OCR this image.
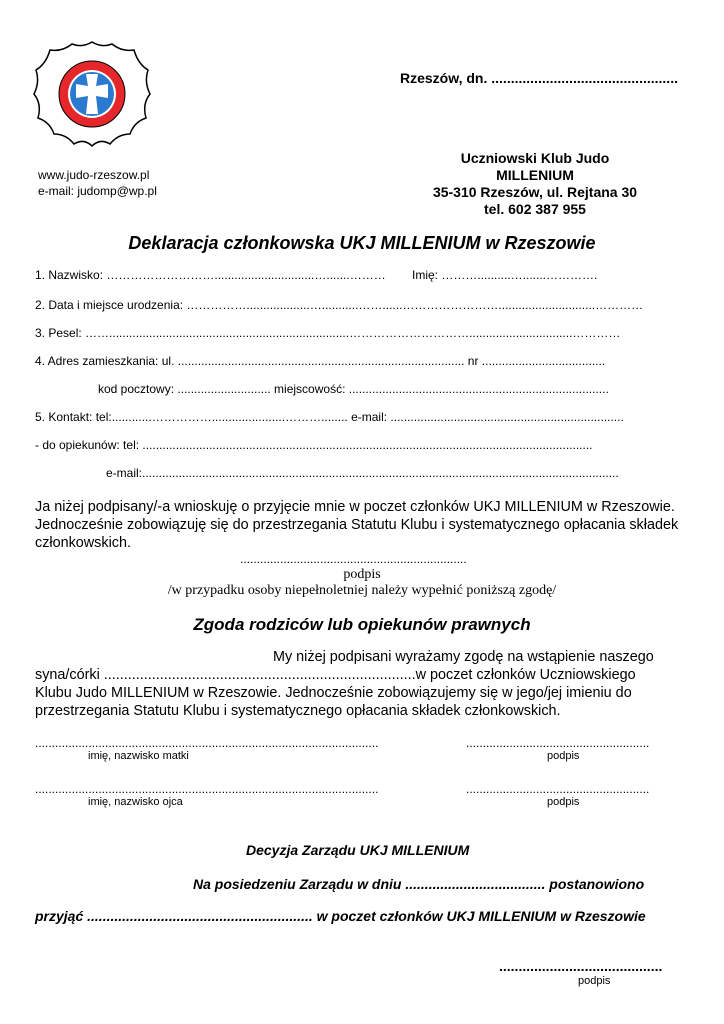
www.judo-rzeszow.pl
e-mail: judomp@wp.pl
Rzeszów, dn. ................................................
Uczniowski Klub Judo
MILLENIUM
35-310 Rzeszów, ul. Rejtana 30
tel. 602 387 955
Deklaracja członkowska UKJ MILLENIUM w Rzeszowie
1. Nazwisko: ………………………..............................….......……… Imię: ………..........….......………….
2. Data i miejsce urodzenia: ……………...................…...........……......…………………….............................…………
3. Pesel: ……........................................................................…………………………...............................…………
4. Adres zamieszkania: ul. ...................................................................................... nr .....................................
kod pocztowy: ............................ miejscowość: ..............................................................................
5. Kontakt: tel:............……………......................………........ e-mail: ......................................................................
- do opiekunów: tel: .......................................................................................................................................
e-mail:...............................................................................................................................................
Ja niżej podpisany/-a wnioskuję o przyjęcie mnie w poczet członków UKJ MILLENIUM w Rzeszowie. Jednocześnie zobowiązuję się do przestrzegania Statutu Klubu i systematycznego opłacania składek członkowskich.
....................................................................
podpis
/w przypadku osoby niepełnoletniej należy wypełnić poniższą zgodę/
Zgoda rodziców lub opiekunów prawnych
My niżej podpisani wyrażamy zgodę na wstąpienie naszego
syna/córki ..............................................................................w poczet członków Uczniowskiego
Klubu Judo MILLENIUM w Rzeszowie. Jednocześnie zobowiązujemy się w jego/jej imieniu do
przestrzegania Statutu Klubu i systematycznego opłacania składek członkowskich.
.......................................................................................................	.......................................................
imię, nazwisko matki	podpis
.......................................................................................................	.......................................................
imię, nazwisko ojca	podpis
Decyzja Zarządu UKJ MILLENIUM
Na posiedzeniu Zarządu w dniu .................................... postanowiono
przyjąć .......................................................... w poczet członków UKJ MILLENIUM w Rzeszowie
..........................................
podpis
